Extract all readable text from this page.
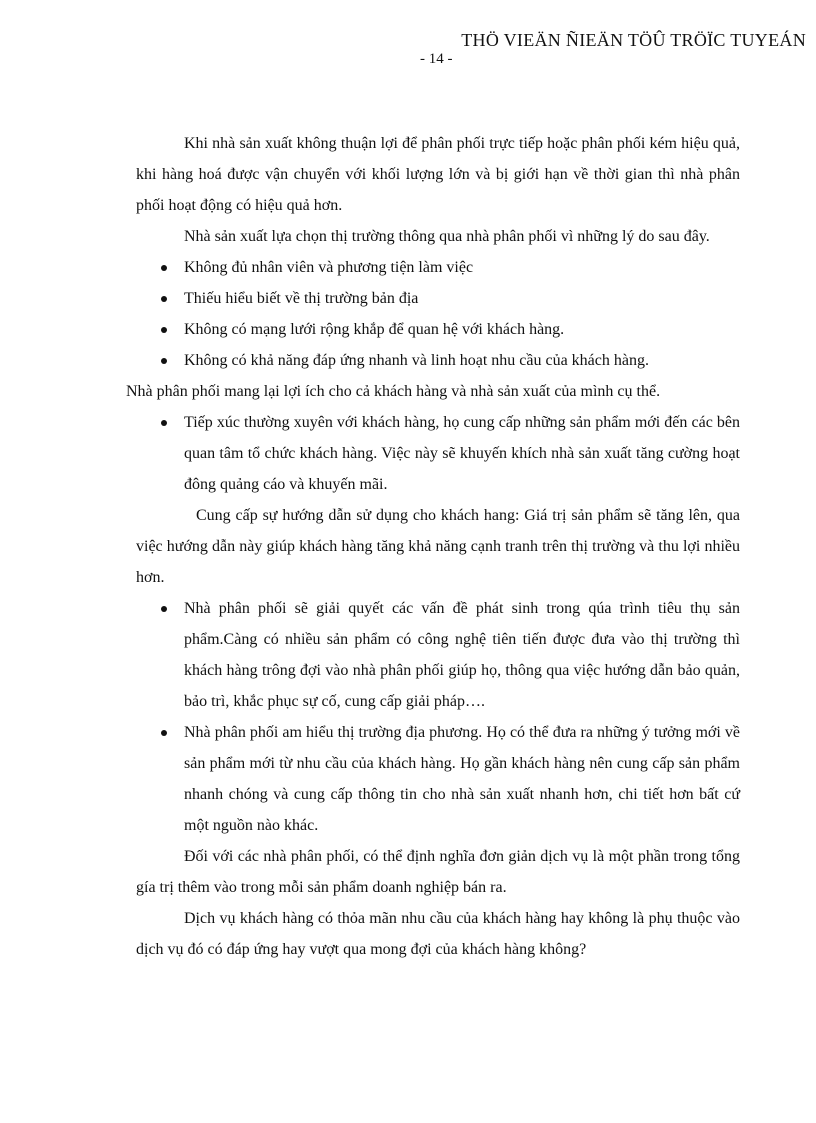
THÖ VIEÄN ÑIEÄN TÖÛ TRÖÏC TUYEÁN
- 14 -

Khi nhà sản xuất không thuận lợi để phân phối trực tiếp hoặc phân phối kém hiệu quả, khi hàng hoá được vận chuyển với khối lượng lớn và bị giới hạn về thời gian thì nhà phân phối hoạt động có hiệu quả hơn.

Nhà sản xuất lựa chọn thị trường thông qua nhà phân phối vì những lý do sau đây.

Không đủ nhân viên và phương tiện làm việc
Thiếu hiểu biết về thị trường bản địa
Không có mạng lưới rộng khắp để quan hệ với khách hàng.
Không có khả năng đáp ứng nhanh và linh hoạt nhu cầu của khách hàng.

Nhà phân phối mang lại lợi ích cho cả khách hàng và nhà sản xuất của mình cụ thể.

Tiếp xúc thường xuyên với khách hàng, họ cung cấp những sản phẩm mới đến các bên quan tâm tổ chức khách hàng. Việc này sẽ khuyến khích nhà sản xuất tăng cường hoạt đông quảng cáo và khuyến mãi.

Cung cấp sự hướng dẫn sử dụng cho khách hang: Giá trị sản phẩm sẽ tăng lên, qua việc hướng dẫn này giúp khách hàng tăng khả năng cạnh tranh trên thị trường và thu lợi nhiều hơn.

Nhà phân phối sẽ giải quyết các vấn đề phát sinh trong qúa trình tiêu thụ sản phẩm.Càng có nhiều sản phẩm có công nghệ tiên tiến được đưa vào thị trường thì khách hàng trông đợi vào nhà phân phối giúp họ, thông qua việc hướng dẫn bảo quản, bảo trì, khắc phục sự cố, cung cấp giải pháp….
Nhà phân phối am hiểu thị trường địa phương. Họ có thể đưa ra những ý tưởng mới về sản phẩm mới từ nhu cầu của khách hàng. Họ gần khách hàng nên cung cấp sản phẩm nhanh chóng và cung cấp thông tin cho nhà sản xuất nhanh hơn, chi tiết hơn bất cứ một nguồn nào khác.

Đối với các nhà phân phối, có thể định nghĩa đơn giản dịch vụ là một phần trong tổng gía trị thêm vào trong mỗi sản phẩm doanh nghiệp bán ra.

Dịch vụ khách hàng có thỏa mãn nhu cầu của khách hàng hay không là phụ thuộc vào dịch vụ đó có đáp ứng hay vượt qua mong đợi của khách hàng không?
